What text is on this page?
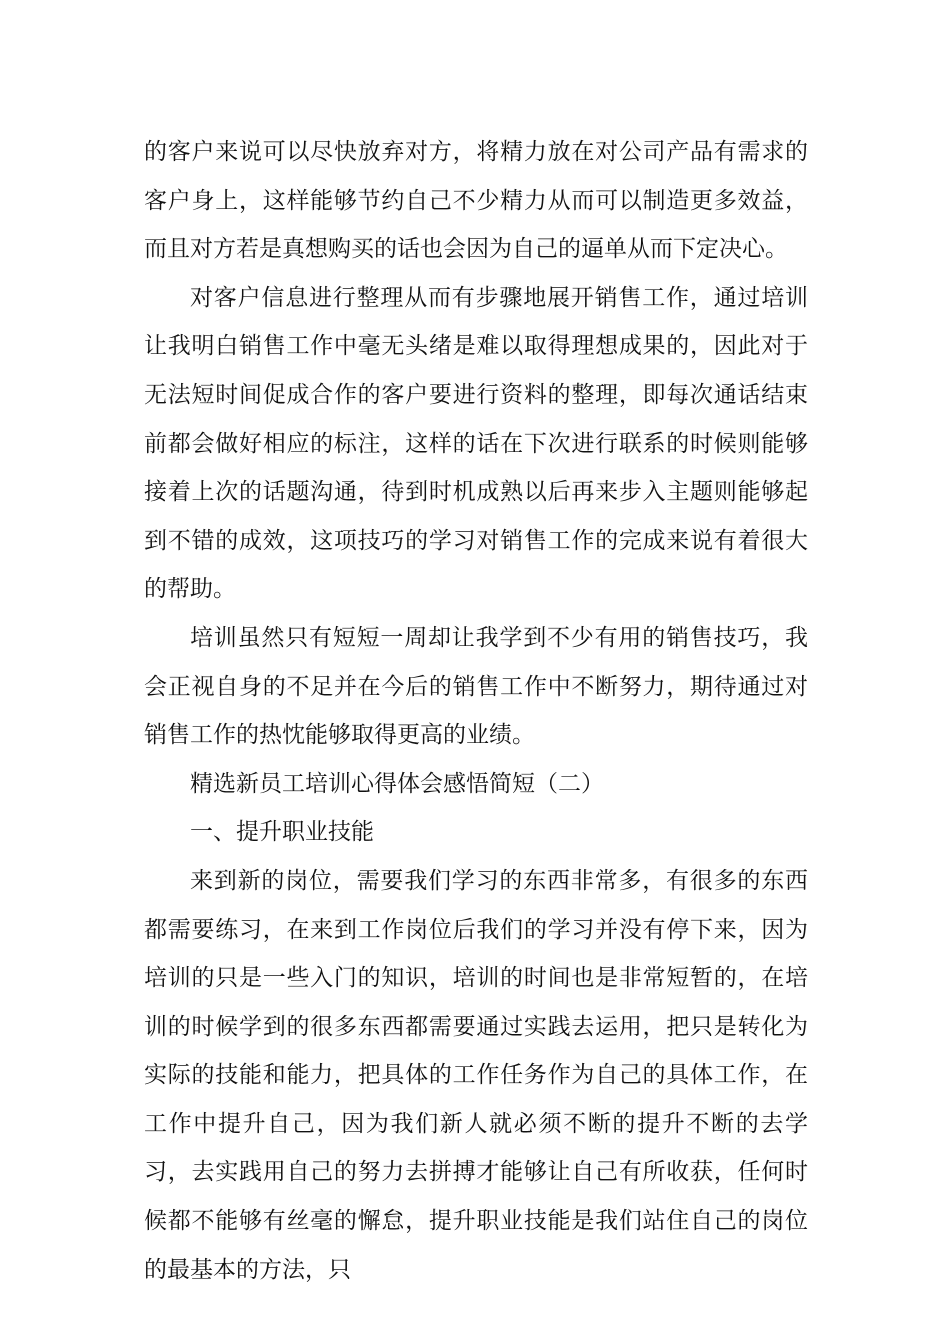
的客户来说可以尽快放弃对方，将精力放在对公司产品有需求的客户身上，这样能够节约自己不少精力从而可以制造更多效益，而且对方若是真想购买的话也会因为自己的逼单从而下定决心。

对客户信息进行整理从而有步骤地展开销售工作，通过培训让我明白销售工作中毫无头绪是难以取得理想成果的，因此对于无法短时间促成合作的客户要进行资料的整理，即每次通话结束前都会做好相应的标注，这样的话在下次进行联系的时候则能够接着上次的话题沟通，待到时机成熟以后再来步入主题则能够起到不错的成效，这项技巧的学习对销售工作的完成来说有着很大的帮助。

培训虽然只有短短一周却让我学到不少有用的销售技巧，我会正视自身的不足并在今后的销售工作中不断努力，期待通过对销售工作的热忱能够取得更高的业绩。

精选新员工培训心得体会感悟简短（二）

一、提升职业技能

来到新的岗位，需要我们学习的东西非常多，有很多的东西都需要练习，在来到工作岗位后我们的学习并没有停下来，因为培训的只是一些入门的知识，培训的时间也是非常短暂的，在培训的时候学到的很多东西都需要通过实践去运用，把只是转化为实际的技能和能力，把具体的工作任务作为自己的具体工作，在工作中提升自己，因为我们新人就必须不断的提升不断的去学习，去实践用自己的努力去拼搏才能够让自己有所收获，任何时候都不能够有丝毫的懈怠，提升职业技能是我们站住自己的岗位的最基本的方法，只
